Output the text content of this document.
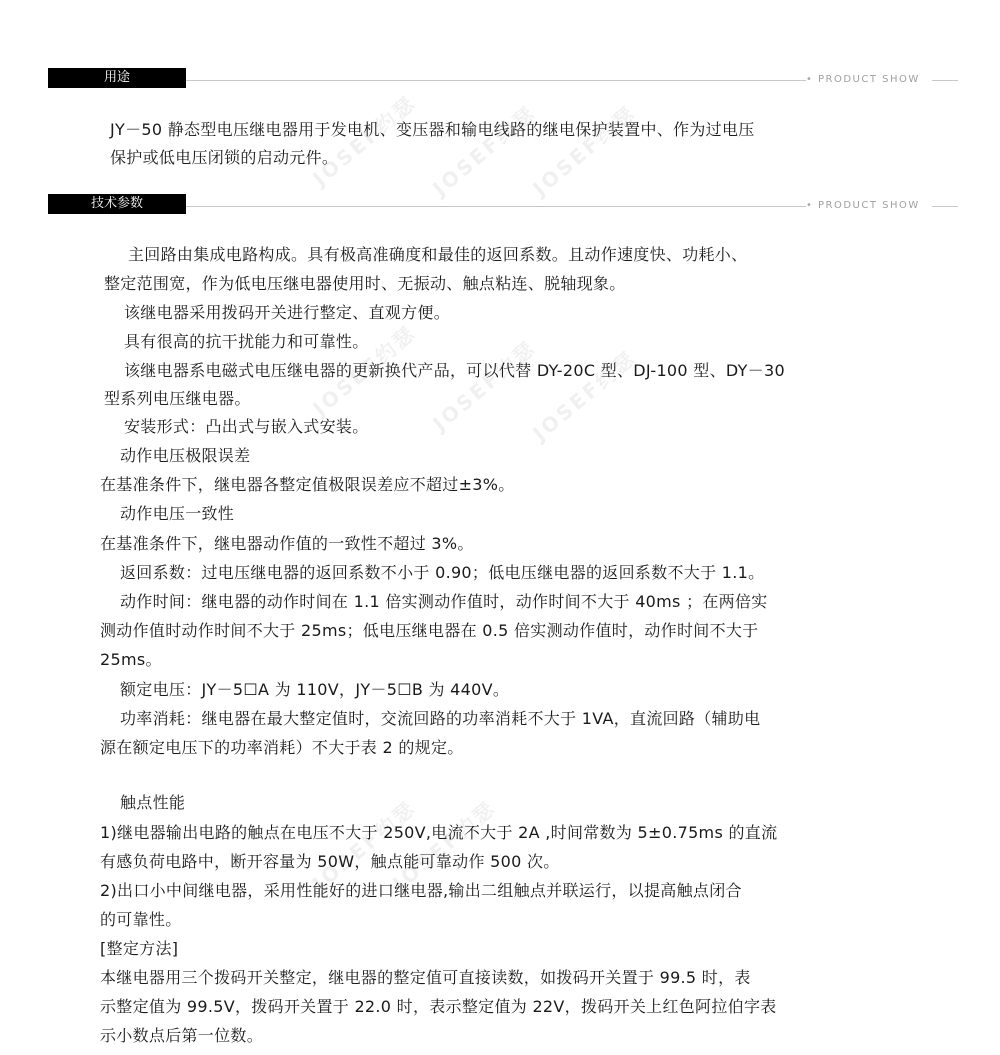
JOSEF约瑟 JOSEF约瑟
JOSEF约瑟
JOSEF约瑟 JOSEF约瑟
JOSEF约瑟
JOSEF约瑟
JOSEF约瑟
用途	• PRODUCT SHOW

JY－50 静态型电压继电器用于发电机、变压器和输电线路的继电保护装置中、作为过电压

保护或低电压闭锁的启动元件。

技术参数	• PRODUCT SHOW

主回路由集成电路构成。具有极高准确度和最佳的返回系数。且动作速度快、功耗小、

整定范围宽，作为低电压继电器使用时、无振动、触点粘连、脱轴现象。

该继电器采用拨码开关进行整定、直观方便。

具有很高的抗干扰能力和可靠性。

该继电器系电磁式电压继电器的更新换代产品，可以代替 DY-20C 型、DJ-100 型、DY－30

型系列电压继电器。

安装形式：凸出式与嵌入式安装。

动作电压极限误差

在基准条件下，继电器各整定值极限误差应不超过±3%。

动作电压一致性

在基准条件下，继电器动作值的一致性不超过 3%。

返回系数：过电压继电器的返回系数不小于 0.90；低电压继电器的返回系数不大于 1.1。

动作时间：继电器的动作时间在 1.1 倍实测动作值时，动作时间不大于 40ms ；在两倍实

测动作值时动作时间不大于 25ms；低电压继电器在 0.5 倍实测动作值时，动作时间不大于

25ms。

额定电压：JY－5☐A 为 110V，JY－5☐B 为 440V。

功率消耗：继电器在最大整定值时，交流回路的功率消耗不大于 1VA，直流回路（辅助电

源在额定电压下的功率消耗）不大于表 2 的规定。

触点性能

1)继电器输出电路的触点在电压不大于 250V,电流不大于 2A ,时间常数为 5±0.75ms 的直流

有感负荷电路中，断开容量为 50W，触点能可靠动作 500 次。

2)出口小中间继电器，采用性能好的进口继电器,输出二组触点并联运行，以提高触点闭合

的可靠性。

[整定方法]

本继电器用三个拨码开关整定，继电器的整定值可直接读数，如拨码开关置于 99.5 时，表

示整定值为 99.5V，拨码开关置于 22.0 时，表示整定值为 22V，拨码开关上红色阿拉伯字表

示小数点后第一位数。
